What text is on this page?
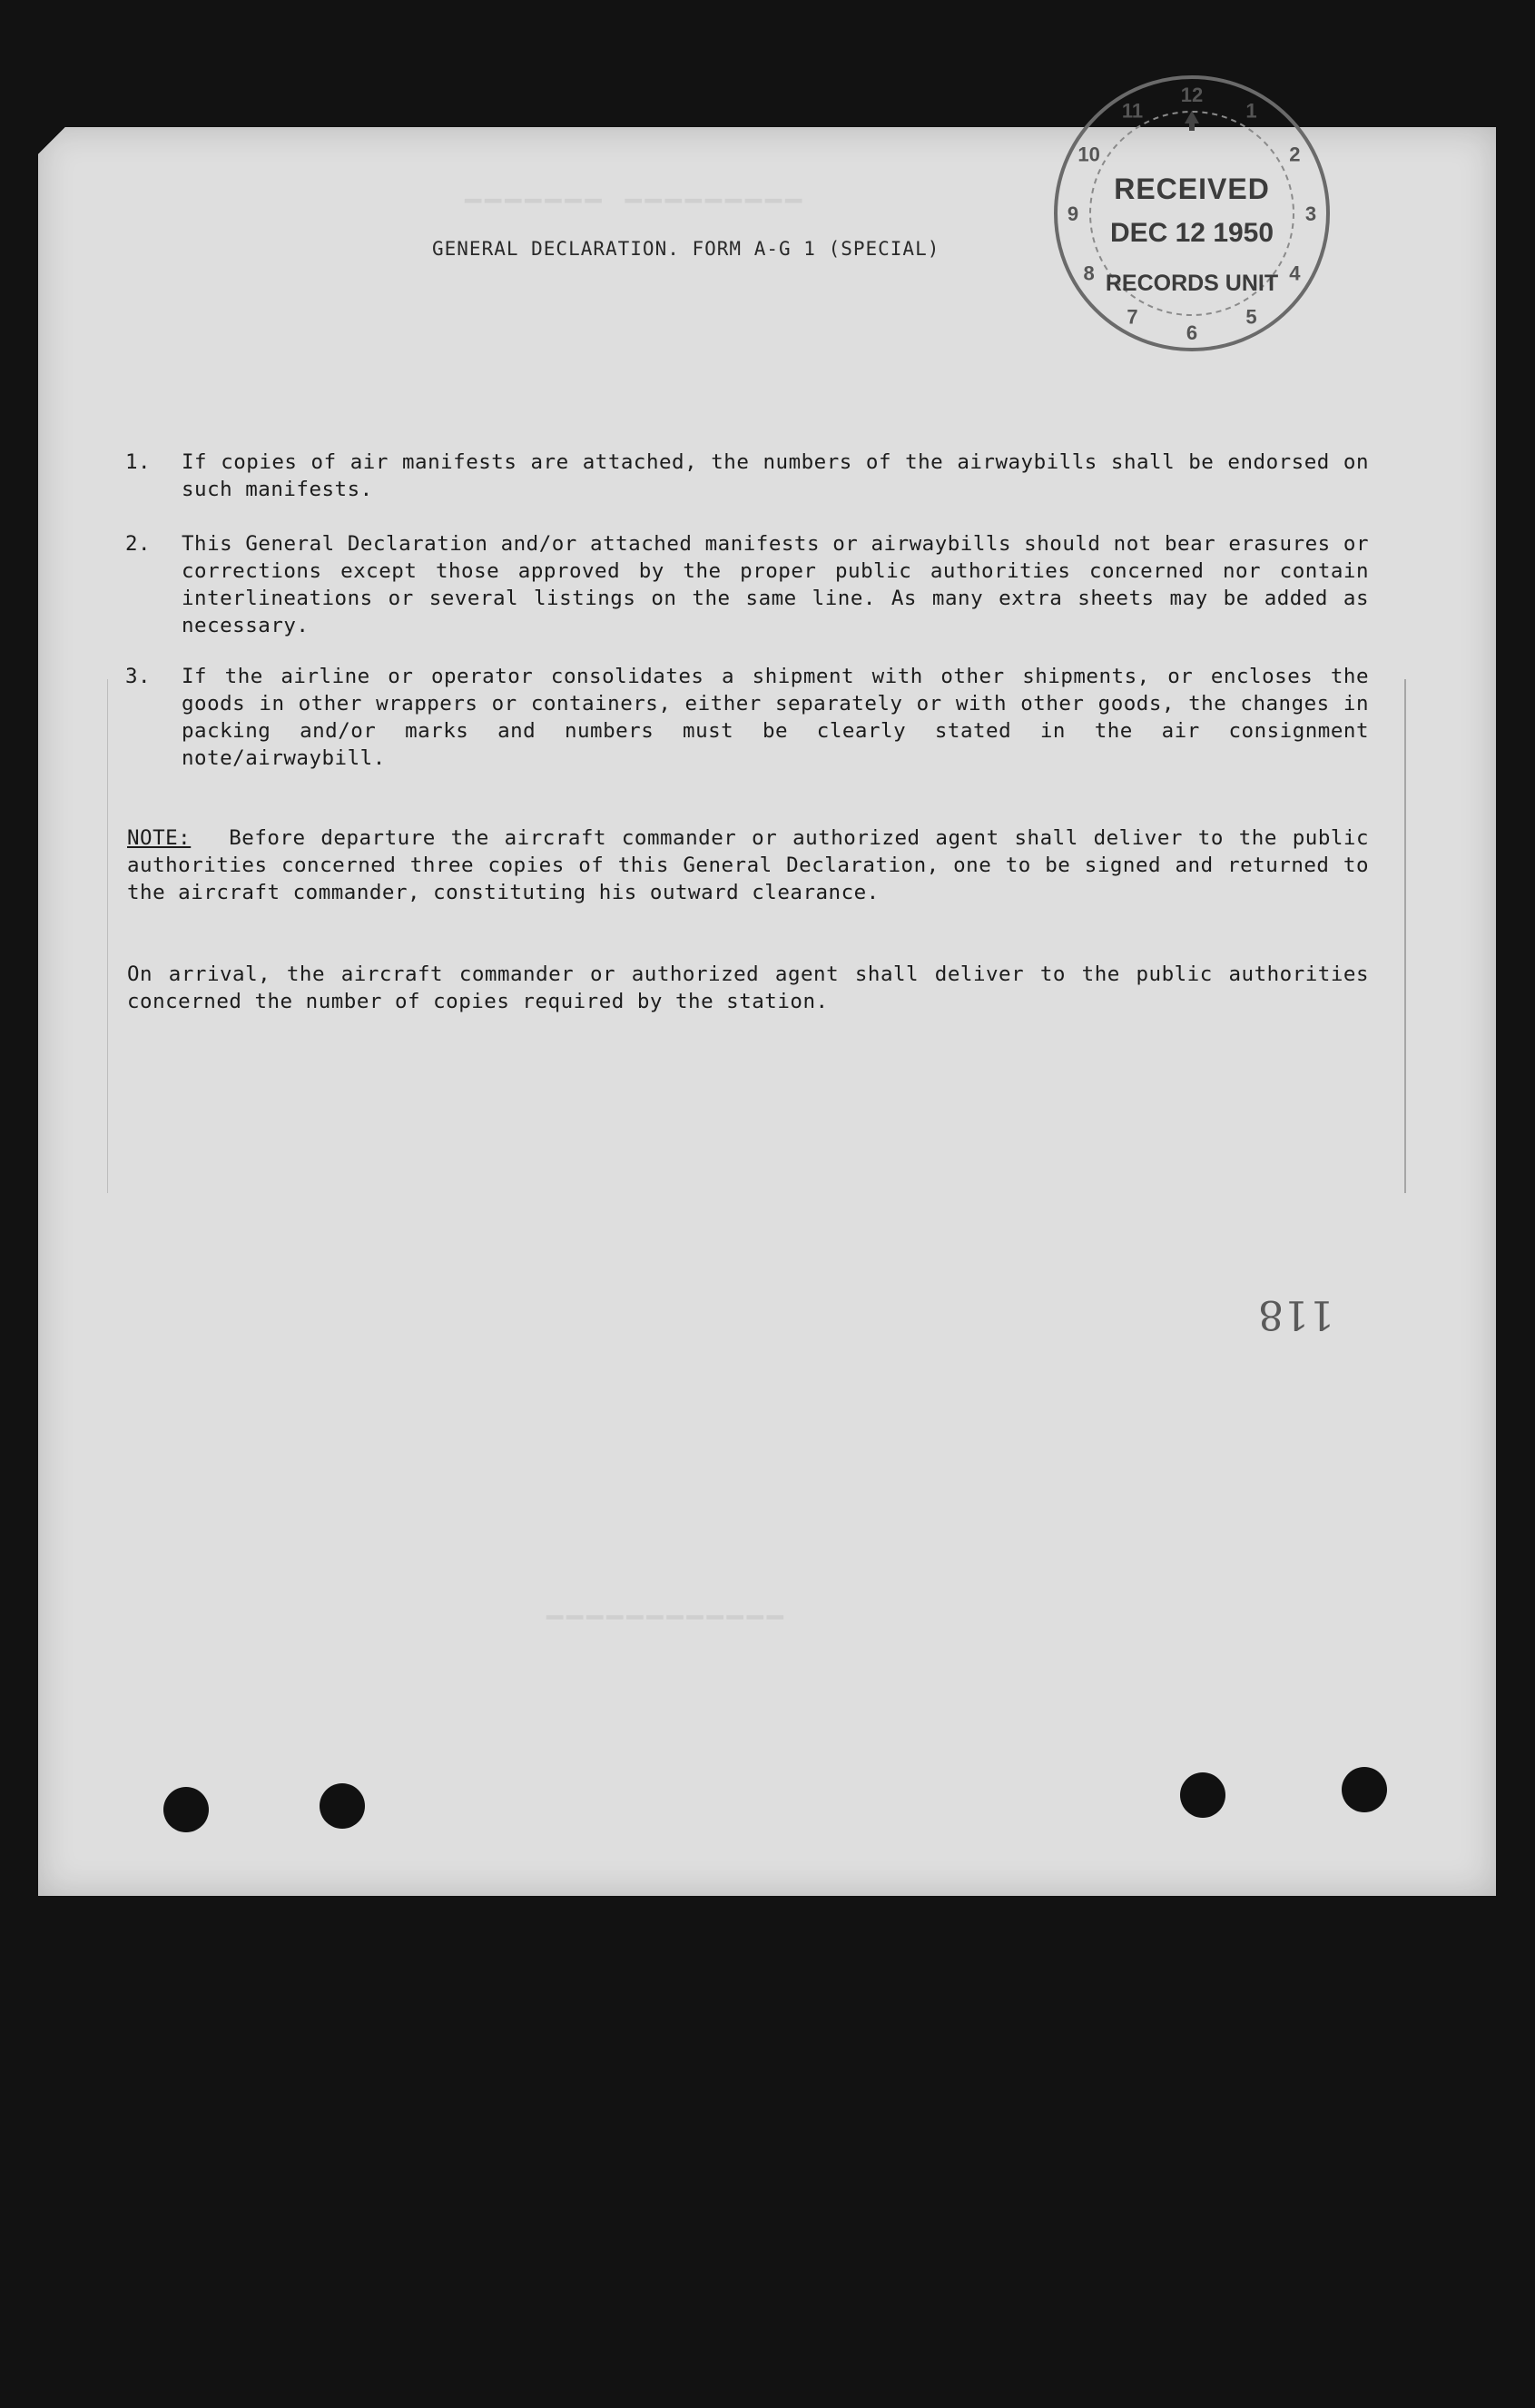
▔▔▔▔▔▔▔ ▔▔▔▔▔▔▔▔▔
▔▔▔▔▔▔▔▔▔▔▔▔
GENERAL DECLARATION. FORM A-G 1 (SPECIAL)
1.	If copies of air manifests are attached, the numbers of the airwaybills shall be endorsed on such manifests.
2.	This General Declaration and/or attached manifests or airwaybills should not bear erasures or corrections except those approved by the proper public authorities concerned nor contain interlineations or several listings on the same line. As many extra sheets may be added as necessary.
3.	If the airline or operator consolidates a shipment with other shipments, or encloses the goods in other wrappers or containers, either separately or with other goods, the changes in packing and/or marks and numbers must be clearly stated in the air consignment note/airwaybill.
NOTE: Before departure the aircraft commander or authorized agent shall deliver to the public authorities concerned three copies of this General Declaration, one to be signed and returned to the aircraft commander, constituting his outward clearance.
On arrival, the aircraft commander or authorized agent shall deliver to the public authorities concerned the number of copies required by the station.
1
2
3
4
5
6
7
8
9
10
11
12
RECEIVED
DEC 12 1950
RECORDS UNIT
118
